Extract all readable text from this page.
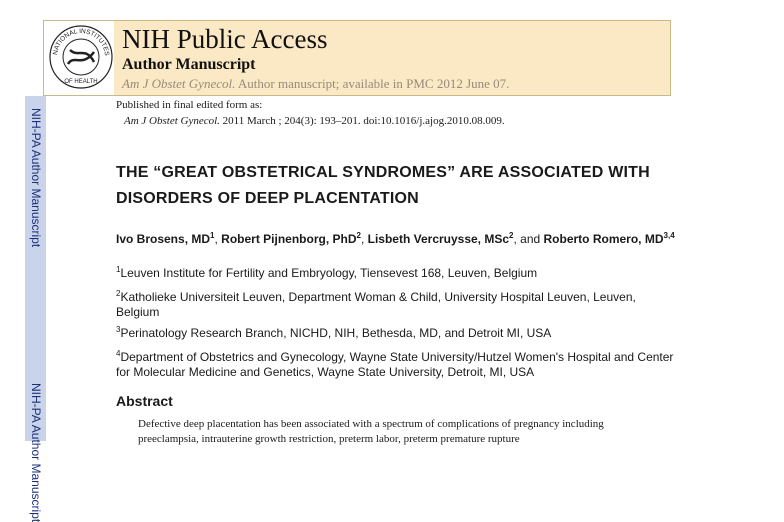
NIH-PA Author Manuscript
NIH-PA Author Manuscript
NATIONAL INSTITUTES
OF HEALTH
NIH Public Access
Author Manuscript
Am J Obstet Gynecol. Author manuscript; available in PMC 2012 June 07.
Published in final edited form as:
Am J Obstet Gynecol. 2011 March ; 204(3): 193–201. doi:10.1016/j.ajog.2010.08.009.
THE “GREAT OBSTETRICAL SYNDROMES” ARE ASSOCIATED WITH DISORDERS OF DEEP PLACENTATION
Ivo Brosens, $MD^1$, Robert Pijnenborg, PhD$^2$, Lisbeth Vercruysse, MSc$^2$, and Roberto Romero, MD$^{3,4}$
$^1$Leuven Institute for Fertility and Embryology, Tiensevest 168, Leuven, Belgium
$^2$Katholieke Universiteit Leuven, Department Woman & Child, University Hospital Leuven, Leuven, Belgium
$^3$Perinatology Research Branch, NICHD, NIH, Bethesda, MD, and Detroit MI, USA
$^4$Department of Obstetrics and Gynecology, Wayne State University/Hutzel Women's Hospital and Center for Molecular Medicine and Genetics, Wayne State University, Detroit, MI, USA
Abstract
Defective deep placentation has been associated with a spectrum of complications of pregnancy including preeclampsia, intrauterine growth restriction, preterm labor, preterm premature rupture
